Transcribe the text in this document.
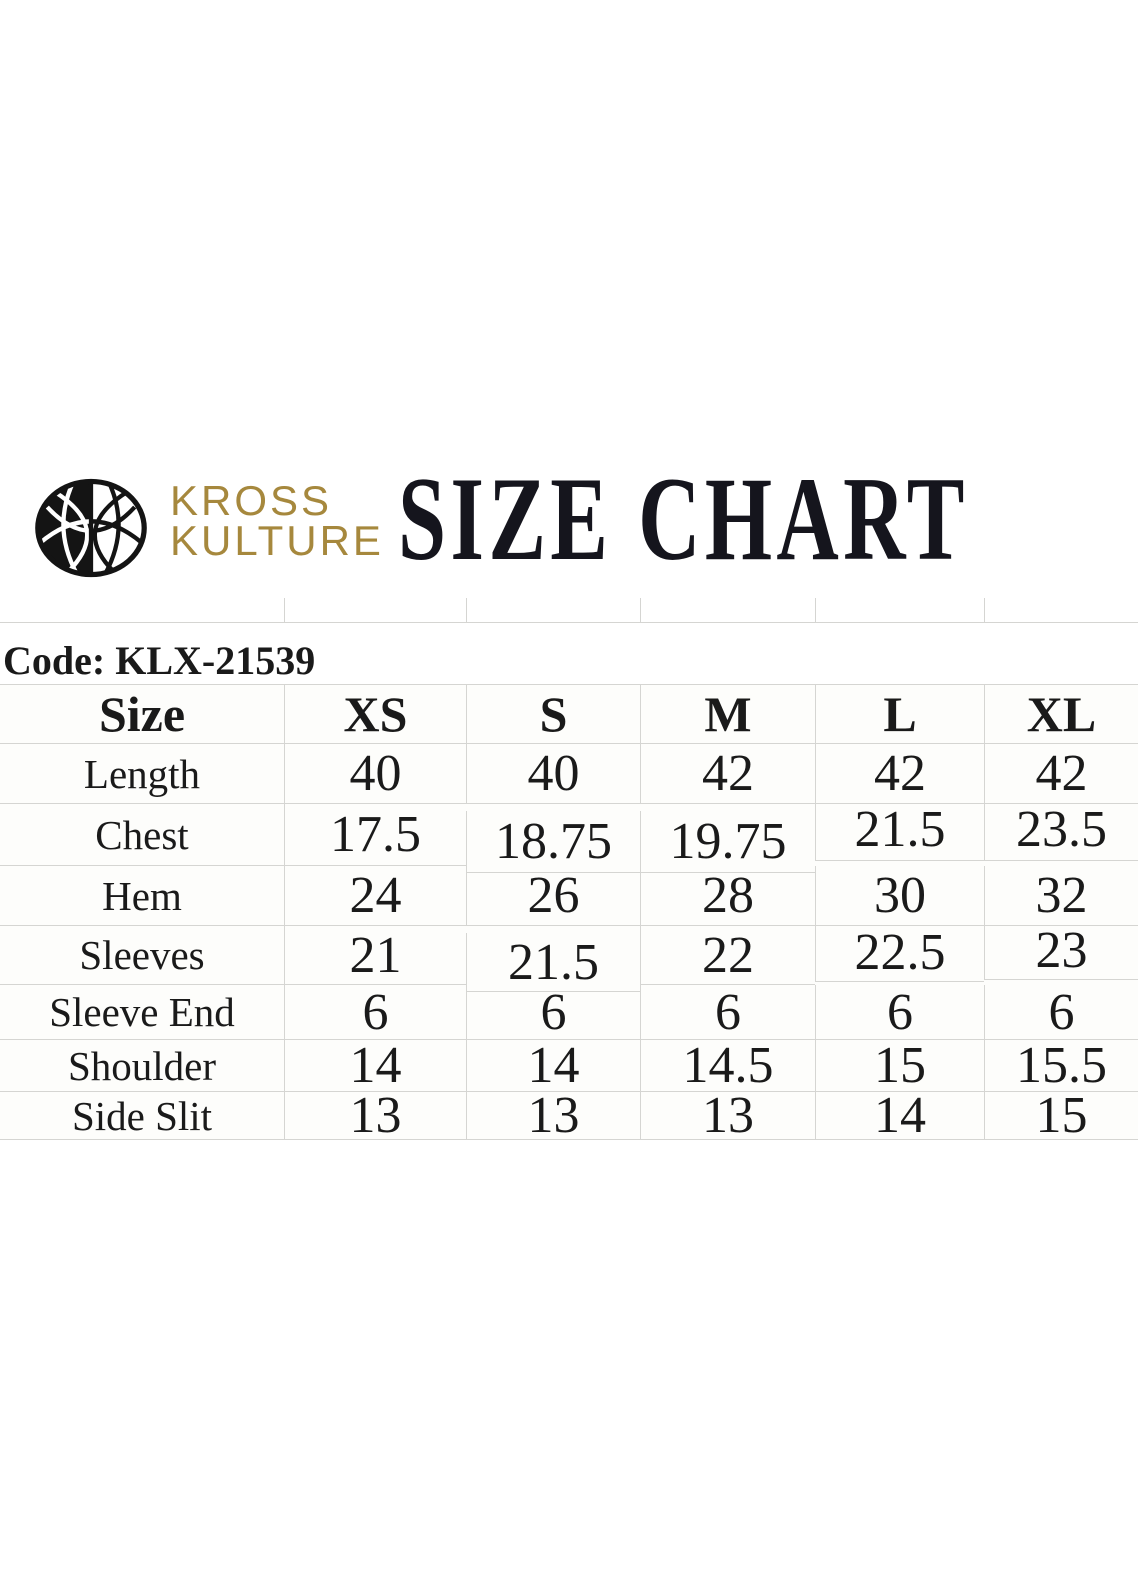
KROSS
KULTURE SIZE CHART
Code:
KLX-21539
Size	XS	S	M	L	XL
Length	40	40	42	42	42
Chest	17.5	18.75	19.75	21.5	23.5
Hem	24	26	28	30	32
Sleeves	21	21.5	22	22.5	23
Sleeve End	6	6	6	6	6
Shoulder	14	14	14.5	15	15.5
Side Slit	13	13	13	14	15
